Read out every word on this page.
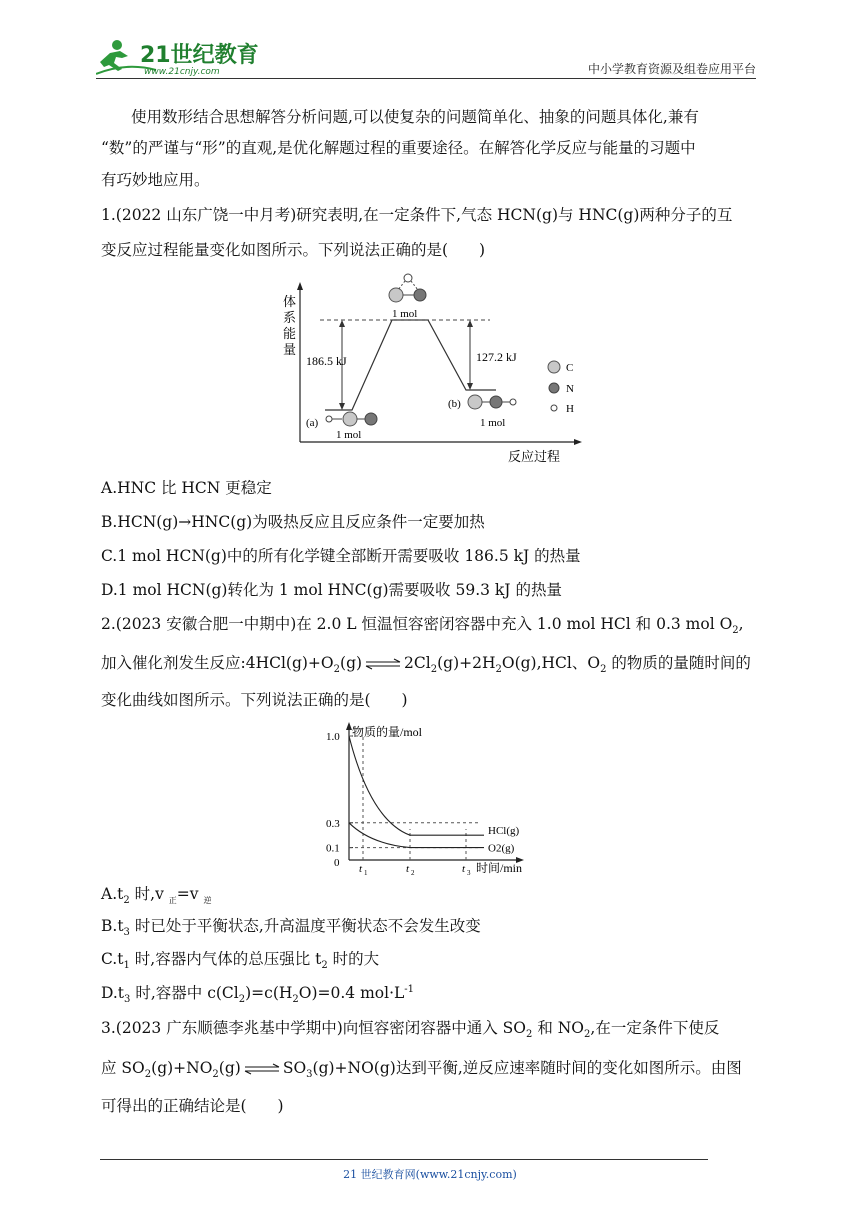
21世纪教育
www.21cnjy.com	中小学教育资源及组卷应用平台
使用数形结合思想解答分析问题,可以使复杂的问题简单化、抽象的问题具体化,兼有
“数”的严谨与“形”的直观,是优化解题过程的重要途径。在解答化学反应与能量的习题中
有巧妙地应用。
1.(2022 山东广饶一中月考)研究表明,在一定条件下,气态 HCN(g)与 HNC(g)两种分子的互
变反应过程能量变化如图所示。下列说法正确的是(　　)
体
系
能
量
反应过程
186.5 kJ	127.2 kJ
(a)
1 mol
1 mol
(b)
1 mol
C
N
H
A.HNC 比 HCN 更稳定
B.HCN(g)→HNC(g)为吸热反应且反应条件一定要加热
C.1 mol HCN(g)中的所有化学键全部断开需要吸收 186.5 kJ 的热量
D.1 mol HCN(g)转化为 1 mol HNC(g)需要吸收 59.3 kJ 的热量
2.(2023 安徽合肥一中期中)在 2.0 L 恒温恒容密闭容器中充入 1.0 mol HCl 和 0.3 mol $O_2$,
加入催化剂发生反应$:4HCl(g)+O_2(g)$ ⇌ $2Cl_2(g)+2H_2O(g),HCl$、$O_2$ 的物质的量随时间的
变化曲线如图所示。下列说法正确的是(　　)
物质的量/mol
时间/min
0
1.0
0.3
0.1
t 1	t 2	t 3
HCl(g)
O2(g)
$A.t_2$ 时,v $_正$=v $_逆$
$B.t_3$ 时已处于平衡状态,升高温度平衡状态不会发生改变
$C.t_1$ 时,容器内气体的总压强比 $t_2$ 时的大
$D.t_3$ 时,容器中 $c(Cl_2)=c(H_2O)=0.4$ $mol\cdot L^{-1}$
3.(2023 广东顺德李兆基中学期中)向恒容密闭容器中通入 $SO_2$ 和 $NO_2$,在一定条件下使反
应 $SO_2(g)+NO_2(g)$ ⇌ $SO_3(g)+NO(g)$达到平衡,逆反应速率随时间的变化如图所示。由图
可得出的正确结论是(　　)
21 世纪教育网(www.21cnjy.com)
